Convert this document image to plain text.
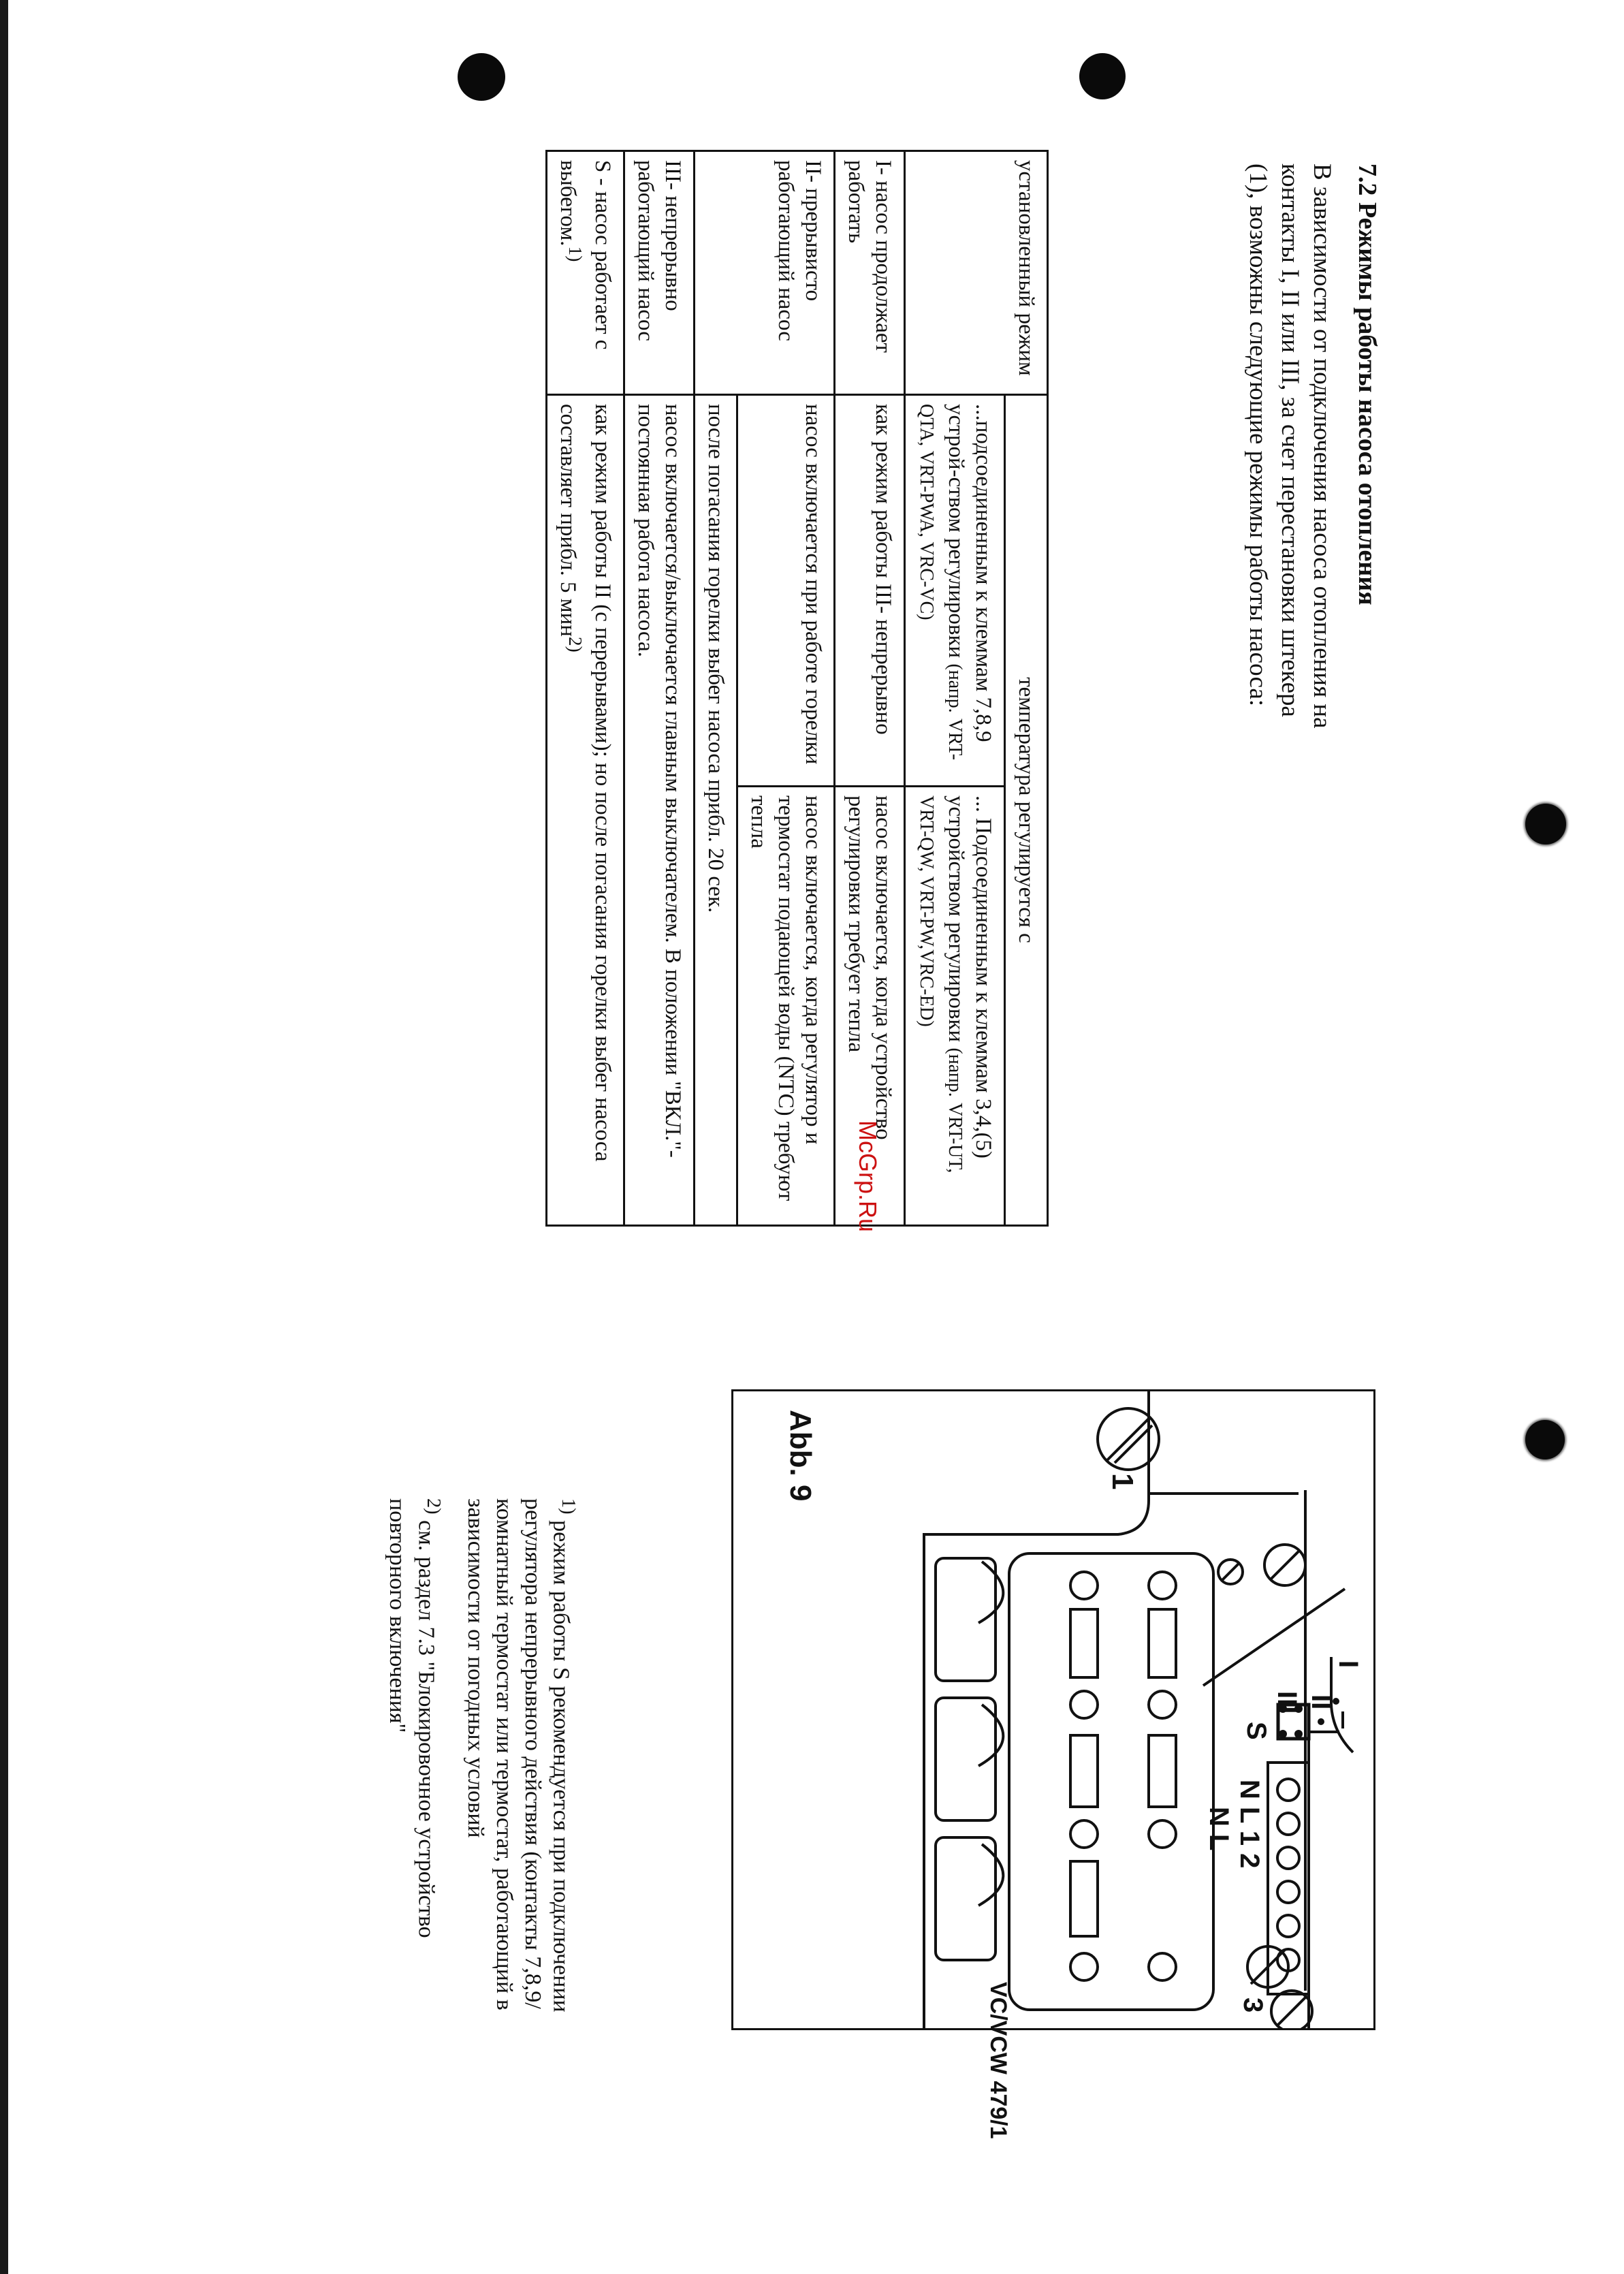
7.2 Режимы работы насоса отопления
В зависимости от подключения насоса отопления на контакты I, II или III, за счет перестановки штекера (1), возможны следующие режимы работы насоса:
установленный режим	температура регулируется с	
	...подсоединенным к клеммам 7,8,9 устрой-ством регулировки (напр. VRT-QTA, VRT-PWA, VRC-VC)	... Подсоединенным к клеммам 3,4,(5) устройством регулировки (напр. VRT-UT, VRT-QW, VRT-PW,VRC-ED)
I- насос продолжает работать	как режим работы III- непрерывно	насос включается, когда устройство регулировки требует тепла
II- прерывисто работающий насос	насос включается при работе горелки	насос включается, когда регулятор и термостат подающей воды (NTC) требуют тепла
	после погасания горелки выбег насоса прибл. 20 сек.	
III- непрерывно работающий насос	насос включается/выключается главным выключателем. В положении "ВКЛ."- постоянная работа насоса.	
S - насос работает с выбегом.$^{1)}$	как режим работы II (с перерывами); но после погасания горелки выбег насоса составляет прибл. 5 мин$^{2)}$
I
II
III
S
N L 1 2
N L
3
Abb. 9	1
VC/VCW 479/1

$^{1)}$ режим работы S рекомендуется при подключении регулятора непрерывного действия (контакты 7,8,9/комнатный термостат или термостат, работающий в зависимости от погодных условий

$^{2)}$ см. раздел 7.3 "Блокировочное устройство повторного включения"

McGrp.Ru
